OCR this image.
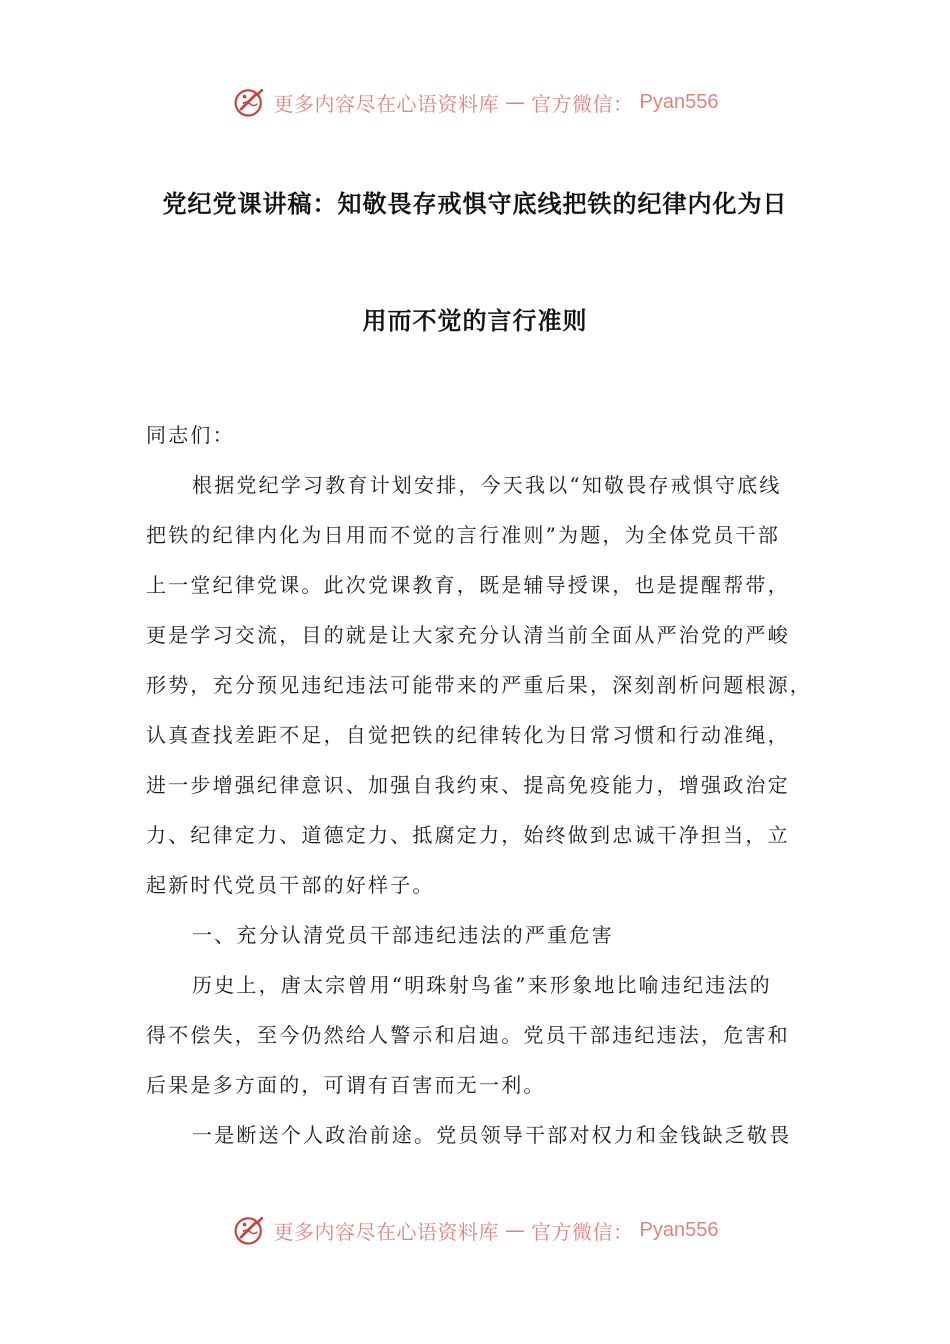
更多内容尽在心语资料库 — 官方微信： Pyan556
党纪党课讲稿：知敬畏存戒惧守底线把铁的纪律内化为日
用而不觉的言行准则
同志们：
根据党纪学习教育计划安排，今天我以“知敬畏存戒惧守底线
把铁的纪律内化为日用而不觉的言行准则”为题，为全体党员干部
上一堂纪律党课。此次党课教育，既是辅导授课，也是提醒帮带，
更是学习交流，目的就是让大家充分认清当前全面从严治党的严峻
形势，充分预见违纪违法可能带来的严重后果，深刻剖析问题根源，
认真查找差距不足，自觉把铁的纪律转化为日常习惯和行动准绳，
进一步增强纪律意识、加强自我约束、提高免疫能力，增强政治定
力、纪律定力、道德定力、抵腐定力，始终做到忠诚干净担当，立
起新时代党员干部的好样子。
一、充分认清党员干部违纪违法的严重危害
历史上，唐太宗曾用“明珠射鸟雀”来形象地比喻违纪违法的
得不偿失，至今仍然给人警示和启迪。党员干部违纪违法，危害和
后果是多方面的，可谓有百害而无一利。
一是断送个人政治前途。党员领导干部对权力和金钱缺乏敬畏
更多内容尽在心语资料库 — 官方微信： Pyan556
